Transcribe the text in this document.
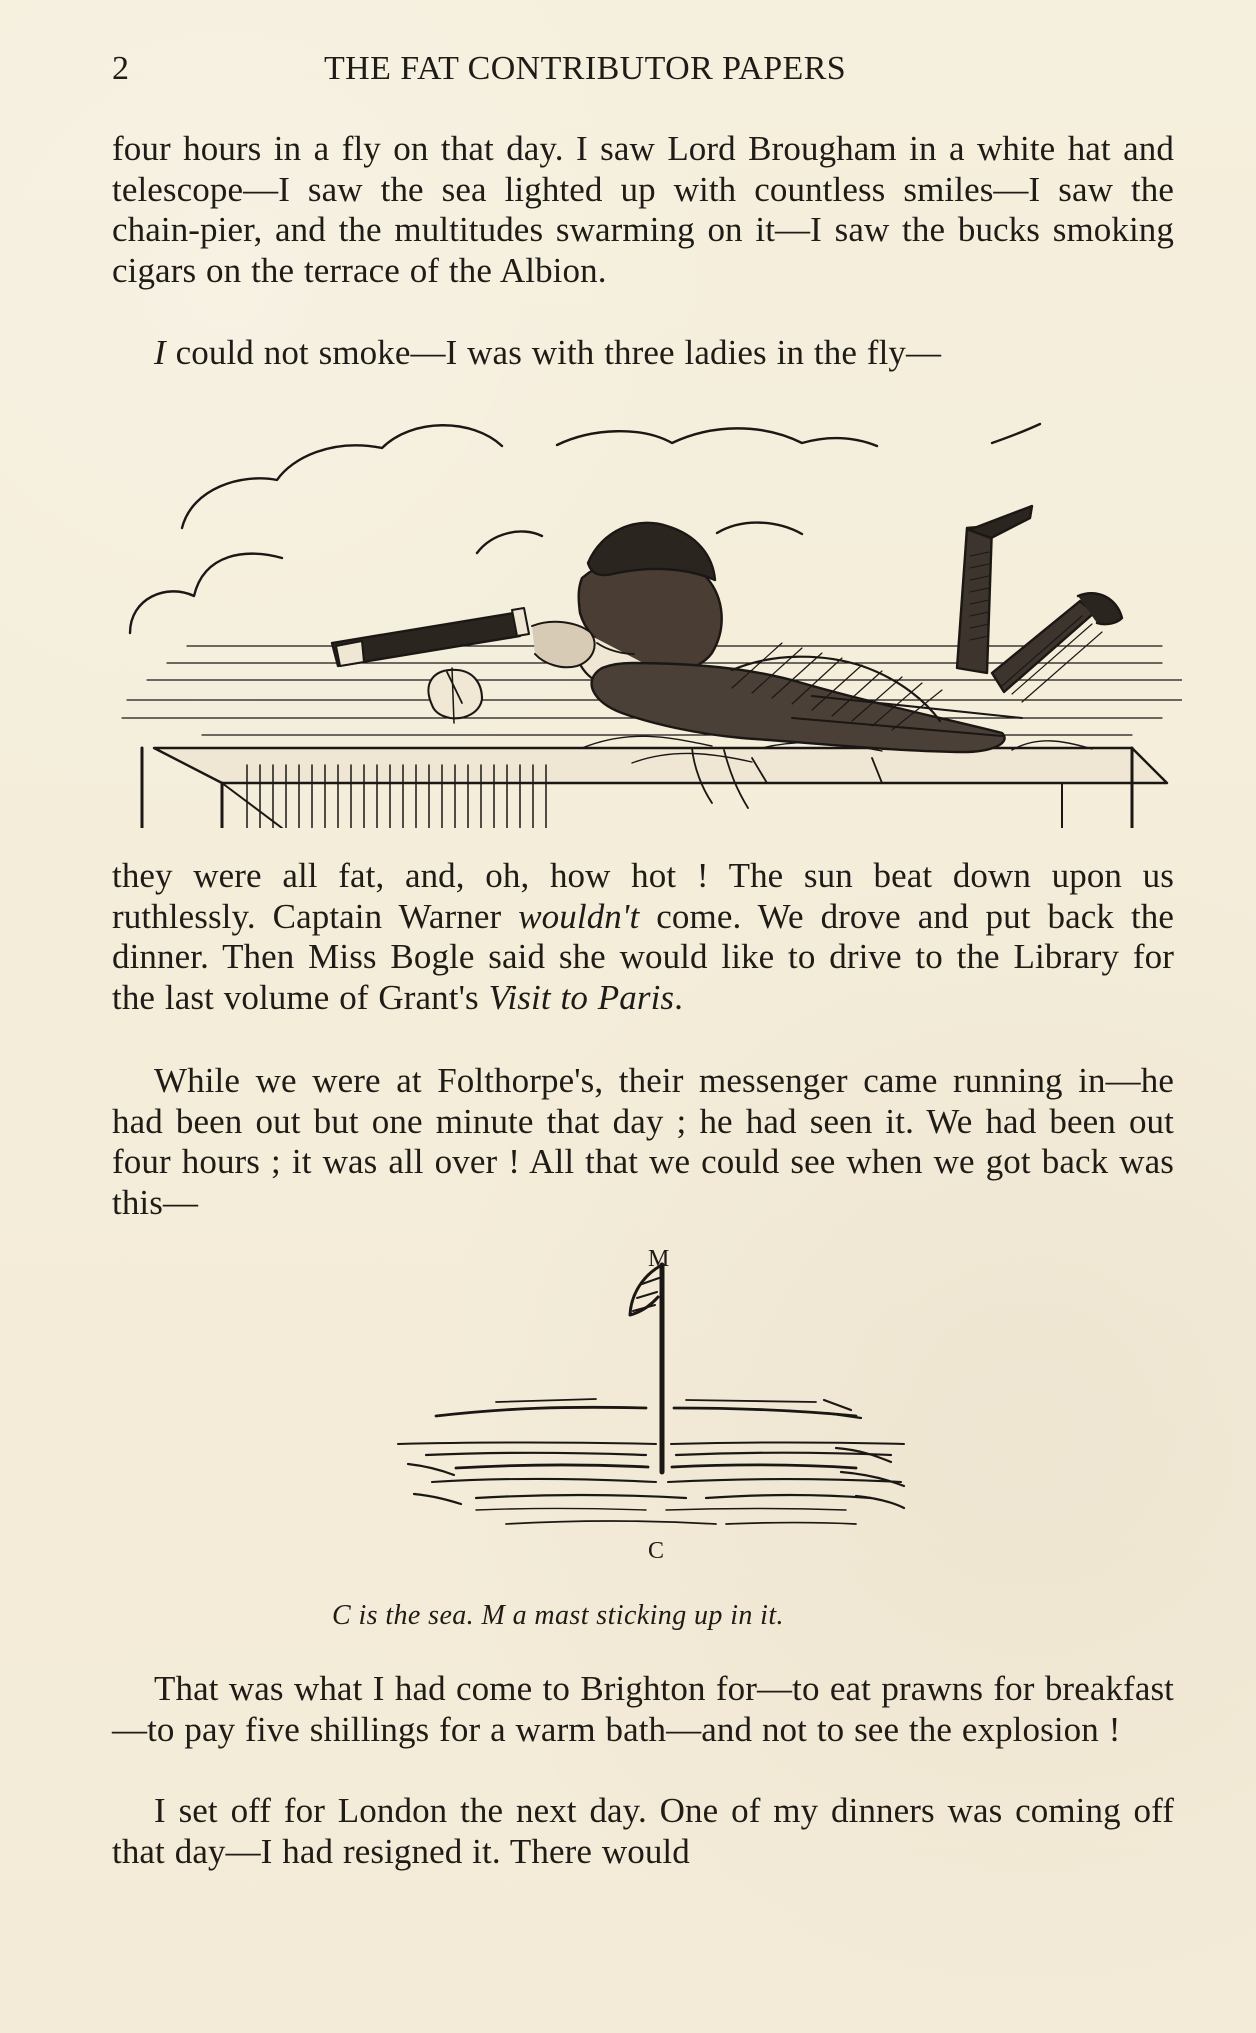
2	THE FAT CONTRIBUTOR PAPERS

four hours in a fly on that day. I saw Lord Brougham in a white hat and telescope—I saw the sea lighted up with countless smiles—I saw the chain-pier, and the multitudes swarming on it—I saw the bucks smoking cigars on the terrace of the Albion.

I could not smoke—I was with three ladies in the fly—

they were all fat, and, oh, how hot ! The sun beat down upon us ruthlessly. Captain Warner wouldn't come. We drove and put back the dinner. Then Miss Bogle said she would like to drive to the Library for the last volume of Grant's Visit to Paris.

While we were at Folthorpe's, their messenger came running in—he had been out but one minute that day ; he had seen it. We had been out four hours ; it was all over ! All that we could see when we got back was this—

M
C
C is the sea. M a mast sticking up in it.

That was what I had come to Brighton for—to eat prawns for breakfast—to pay five shillings for a warm bath—and not to see the explosion !

I set off for London the next day. One of my dinners was coming off that day—I had resigned it. There would
